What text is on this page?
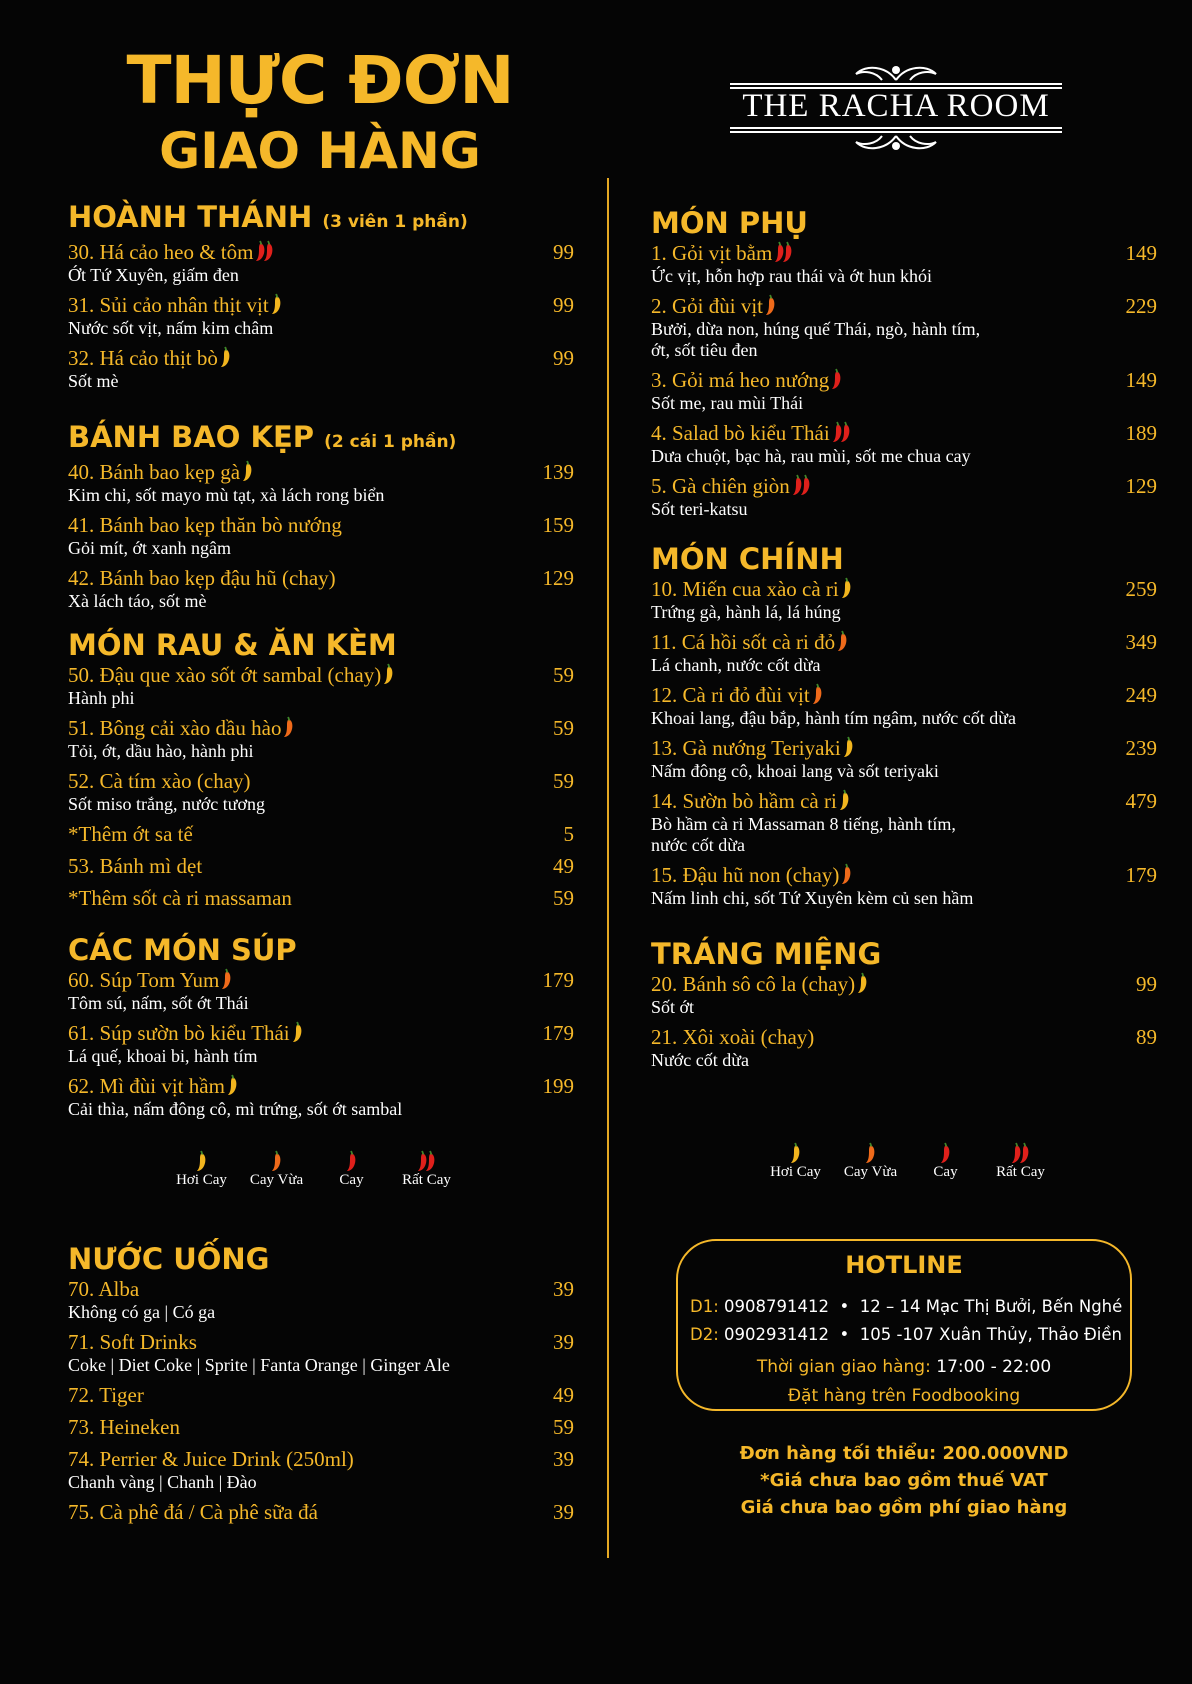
THỰC ĐƠN
GIAO HÀNG
THE RACHA ROOM
HOÀNH THÁNH (3 viên 1 phần)
30. Há cảo heo & tôm	99
Ớt Tứ Xuyên, giấm đen
31. Sủi cảo nhân thịt vịt	99
Nước sốt vịt, nấm kim châm
32. Há cảo thịt bò	99
Sốt mè
BÁNH BAO KẸP (2 cái 1 phần)
40. Bánh bao kẹp gà	139
Kim chi, sốt mayo mù tạt, xà lách rong biển
41. Bánh bao kẹp thăn bò nướng	159
Gỏi mít, ớt xanh ngâm
42. Bánh bao kẹp đậu hũ (chay)	129
Xà lách táo, sốt mè
MÓN RAU & ĂN KÈM
50. Đậu que xào sốt ớt sambal (chay)	59
Hành phi
51. Bông cải xào dầu hào	59
Tỏi, ớt, dầu hào, hành phi
52. Cà tím xào (chay)	59
Sốt miso trắng, nước tương
*Thêm ớt sa tế	5
53. Bánh mì dẹt	49
*Thêm sốt cà ri massaman	59
CÁC MÓN SÚP
60. Súp Tom Yum	179
Tôm sú, nấm, sốt ớt Thái
61. Súp sườn bò kiểu Thái	179
Lá quế, khoai bi, hành tím
62. Mì đùi vịt hầm	199
Cải thìa, nấm đông cô, mì trứng, sốt ớt sambal
NƯỚC UỐNG
70. Alba	39
Không có ga | Có ga
71. Soft Drinks	39
Coke | Diet Coke | Sprite | Fanta Orange | Ginger Ale
72. Tiger	49
73. Heineken	59
74. Perrier & Juice Drink (250ml)	39
Chanh vàng | Chanh | Đào
75. Cà phê đá / Cà phê sữa đá	39
MÓN PHỤ
1. Gỏi vịt bằm	149
Ức vịt, hỗn hợp rau thái và ớt hun khói
2. Gỏi đùi vịt	229
Bưởi, dừa non, húng quế Thái, ngò, hành tím,
ớt, sốt tiêu đen
3. Gỏi má heo nướng	149
Sốt me, rau mùi Thái
4. Salad bò kiểu Thái	189
Dưa chuột, bạc hà, rau mùi, sốt me chua cay
5. Gà chiên giòn	129
Sốt teri-katsu
MÓN CHÍNH
10. Miến cua xào cà ri	259
Trứng gà, hành lá, lá húng
11. Cá hồi sốt cà ri đỏ	349
Lá chanh, nước cốt dừa
12. Cà ri đỏ đùi vịt	249
Khoai lang, đậu bắp, hành tím ngâm, nước cốt dừa
13. Gà nướng Teriyaki	239
Nấm đông cô, khoai lang và sốt teriyaki
14. Sườn bò hầm cà ri	479
Bò hầm cà ri Massaman 8 tiếng, hành tím,
nước cốt dừa
15. Đậu hũ non (chay)	179
Nấm linh chi, sốt Tứ Xuyên kèm củ sen hầm
TRÁNG MIỆNG
20. Bánh sô cô la (chay)	99
Sốt ớt
21. Xôi xoài (chay)	89
Nước cốt dừa
Hơi Cay	Cay Vừa	Cay	Rất Cay	Hơi Cay	Cay Vừa	Cay	Rất Cay
HOTLINE
D1: 0908791412  •  12 – 14 Mạc Thị Bưởi, Bến Nghé
D2: 0902931412  •  105 -107 Xuân Thủy, Thảo Điền
Thời gian giao hàng: 17:00 - 22:00
Đặt hàng trên Foodbooking
Đơn hàng tối thiểu: 200.000VND
*Giá chưa bao gồm thuế VAT
Giá chưa bao gồm phí giao hàng
